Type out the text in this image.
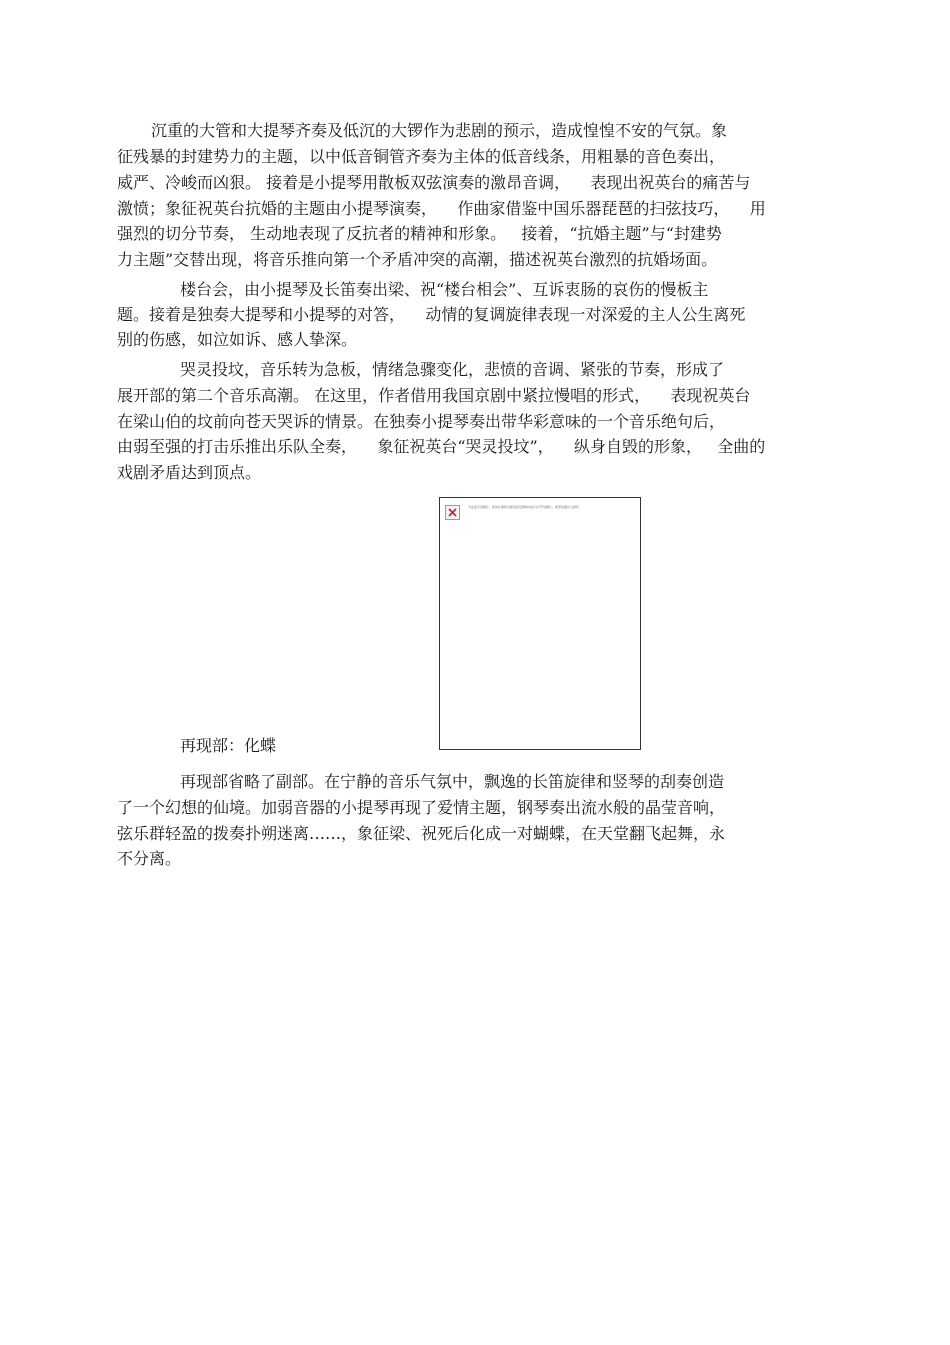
沉重的大管和大提琴齐奏及低沉的大锣作为悲剧的预示，造成惶惶不安的气氛。象
征残暴的封建势力的主题，以中低音铜管齐奏为主体的低音线条，用粗暴的音色奏出，
威严、冷峻而凶狠。 接着是小提琴用散板双弦演奏的激昂音调，    表现出祝英台的痛苦与
激愤；象征祝英台抗婚的主题由小提琴演奏，    作曲家借鉴中国乐器琵琶的扫弦技巧，    用
强烈的切分节奏， 生动地表现了反抗者的精神和形象。   接着，“抗婚主题”与“封建势
力主题”交替出现，将音乐推向第一个矛盾冲突的高潮，描述祝英台激烈的抗婚场面。
楼台会，由小提琴及长笛奏出梁、祝“楼台相会”、互诉衷肠的哀伤的慢板主
题。接着是独奏大提琴和小提琴的对答，    动情的复调旋律表现一对深爱的主人公生离死
别的伤感，如泣如诉、感人挚深。
哭灵投坟，音乐转为急板，情绪急骤变化，悲愤的音调、紧张的节奏，形成了
展开部的第二个音乐高潮。 在这里，作者借用我国京剧中紧拉慢唱的形式，    表现祝英台
在梁山伯的坟前向苍天哭诉的情景。在独奏小提琴奏出带华彩意味的一个音乐绝句后，
由弱至强的打击乐推出乐队全奏，    象征祝英台“哭灵投坟”，    纵身自毁的形象，   全曲的
戏剧矛盾达到顶点。
无法显示该图片。你的计算机可能没有足够的内存以打开该图片，或者该图片已损坏。
再现部：化蝶
再现部省略了副部。在宁静的音乐气氛中，飘逸的长笛旋律和竖琴的刮奏创造
了一个幻想的仙境。加弱音器的小提琴再现了爱情主题，钢琴奏出流水般的晶莹音响，
弦乐群轻盈的拨奏扑朔迷离……，象征梁、祝死后化成一对蝴蝶，在天堂翻飞起舞，永
不分离。
